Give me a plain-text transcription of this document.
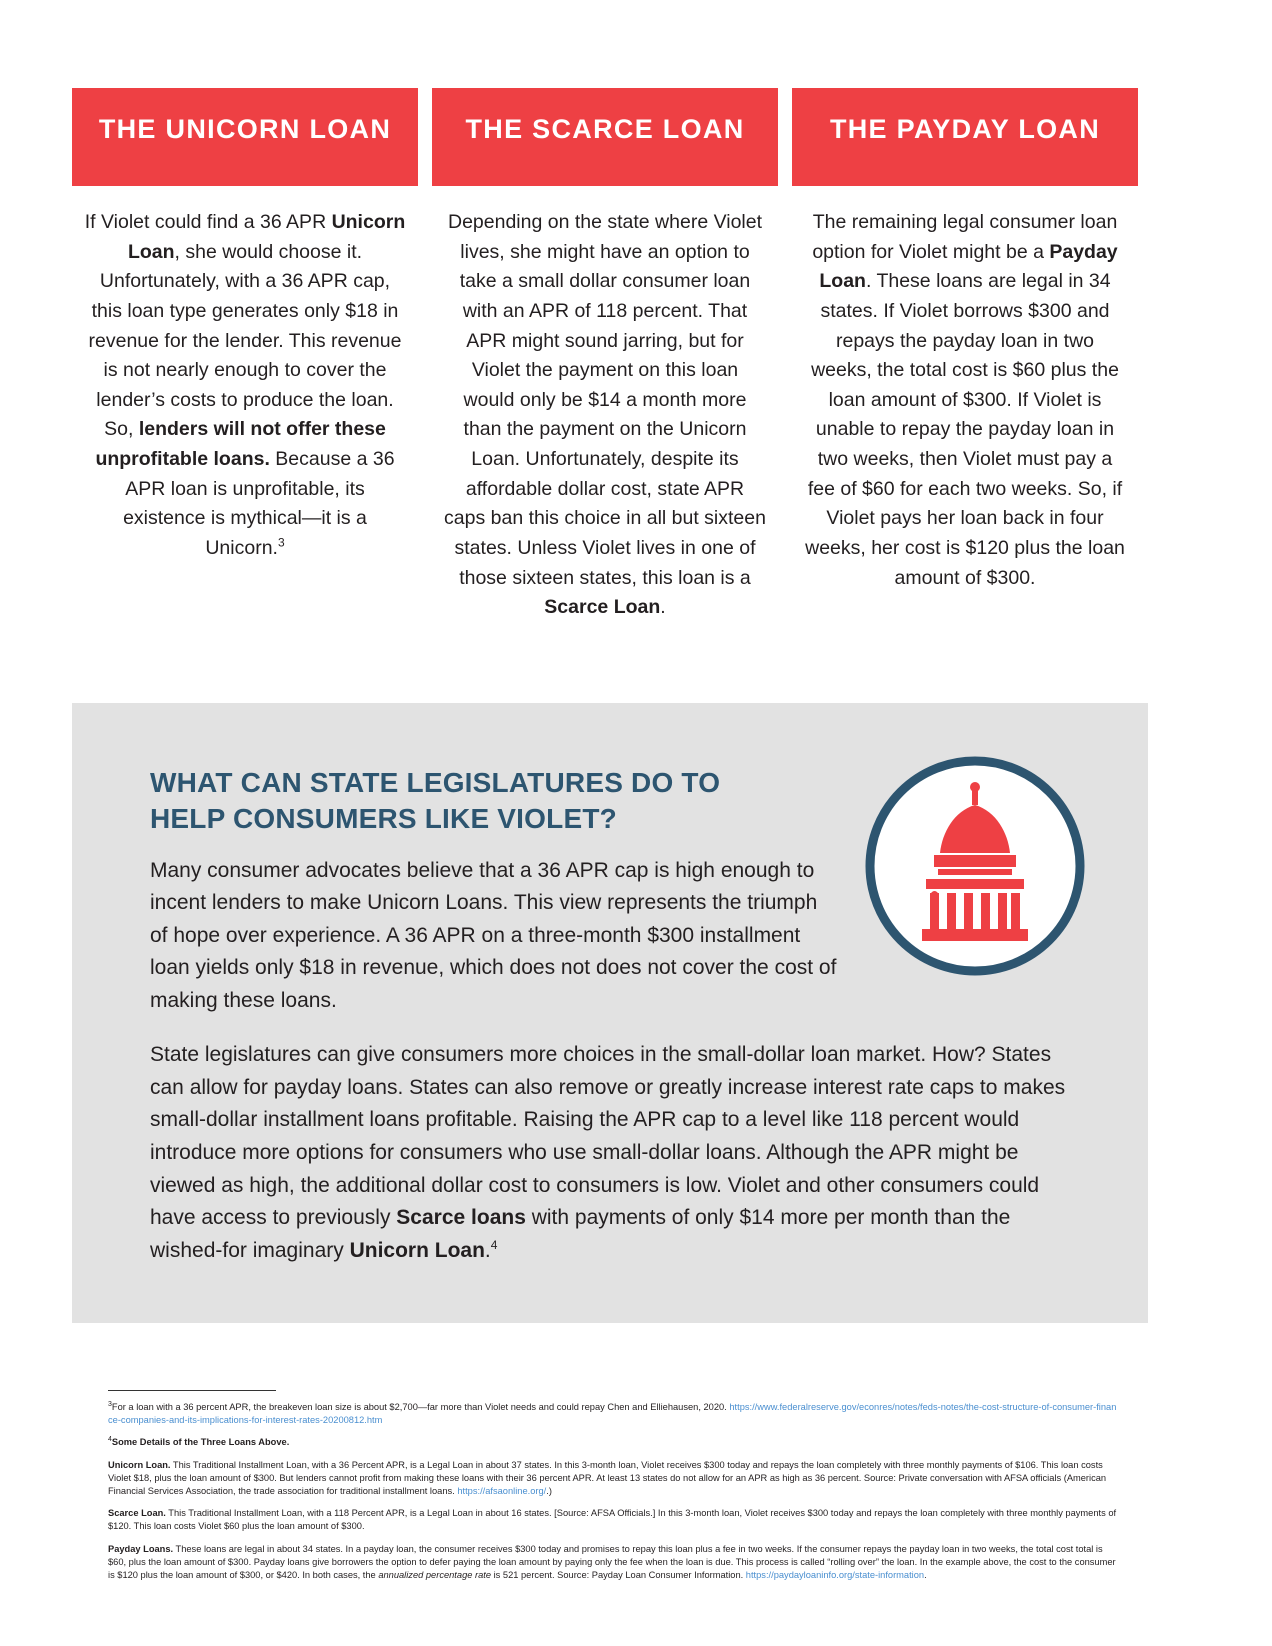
THE UNICORN LOAN
If Violet could find a 36 APR Unicorn Loan, she would choose it. Unfortunately, with a 36 APR cap, this loan type generates only $18 in revenue for the lender. This revenue is not nearly enough to cover the lender’s costs to produce the loan. So, lenders will not offer these unprofitable loans. Because a 36 APR loan is unprofitable, its existence is mythical—it is a Unicorn.$^3$
THE SCARCE LOAN
Depending on the state where Violet lives, she might have an option to take a small dollar consumer loan with an APR of 118 percent. That APR might sound jarring, but for Violet the payment on this loan would only be $14 a month more than the payment on the Unicorn Loan. Unfortunately, despite its affordable dollar cost, state APR caps ban this choice in all but sixteen states. Unless Violet lives in one of those sixteen states, this loan is a Scarce Loan.
THE PAYDAY LOAN
The remaining legal consumer loan option for Violet might be a Payday Loan. These loans are legal in 34 states. If Violet borrows $300 and repays the payday loan in two weeks, the total cost is $60 plus the loan amount of $300. If Violet is unable to repay the payday loan in two weeks, then Violet must pay a fee of $60 for each two weeks. So, if Violet pays her loan back in four weeks, her cost is $120 plus the loan amount of $300.
WHAT CAN STATE LEGISLATURES DO TO HELP CONSUMERS LIKE VIOLET?

Many consumer advocates believe that a 36 APR cap is high enough to incent lenders to make Unicorn Loans. This view represents the triumph of hope over experience. A 36 APR on a three-month $300 installment loan yields only $18 in revenue, which does not does not cover the cost of making these loans.

State legislatures can give consumers more choices in the small-dollar loan market. How? States can allow for payday loans. States can also remove or greatly increase interest rate caps to makes small-dollar installment loans profitable. Raising the APR cap to a level like 118 percent would introduce more options for consumers who use small-dollar loans. Although the APR might be viewed as high, the additional dollar cost to consumers is low. Violet and other consumers could have access to previously Scarce loans with payments of only $14 more per month than the wished-for imaginary Unicorn Loan.$^4$

$^3$For a loan with a 36 percent APR, the breakeven loan size is about $2,700—far more than Violet needs and could repay Chen and Elliehausen, 2020. https://www.federalreserve.gov/econres/notes/feds-notes/the-cost-structure-of-consumer-finance-companies-and-its-implications-for-interest-rates-20200812.htm
$^4$Some Details of the Three Loans Above.
Unicorn Loan. This Traditional Installment Loan, with a 36 Percent APR, is a Legal Loan in about 37 states. In this 3-month loan, Violet receives $300 today and repays the loan completely with three monthly payments of $106. This loan costs Violet $18, plus the loan amount of $300. But lenders cannot profit from making these loans with their 36 percent APR. At least 13 states do not allow for an APR as high as 36 percent. Source: Private conversation with AFSA officials (American Financial Services Association, the trade association for traditional installment loans. https://afsaonline.org/.)
Scarce Loan. This Traditional Installment Loan, with a 118 Percent APR, is a Legal Loan in about 16 states. [Source: AFSA Officials.] In this 3-month loan, Violet receives $300 today and repays the loan completely with three monthly payments of $120. This loan costs Violet $60 plus the loan amount of $300.
Payday Loans. These loans are legal in about 34 states. In a payday loan, the consumer receives $300 today and promises to repay this loan plus a fee in two weeks. If the consumer repays the payday loan in two weeks, the total cost total is $60, plus the loan amount of $300. Payday loans give borrowers the option to defer paying the loan amount by paying only the fee when the loan is due. This process is called “rolling over” the loan. In the example above, the cost to the consumer is $120 plus the loan amount of $300, or $420. In both cases, the annualized percentage rate is 521 percent. Source: Payday Loan Consumer Information. https://paydayloaninfo.org/state-information.
